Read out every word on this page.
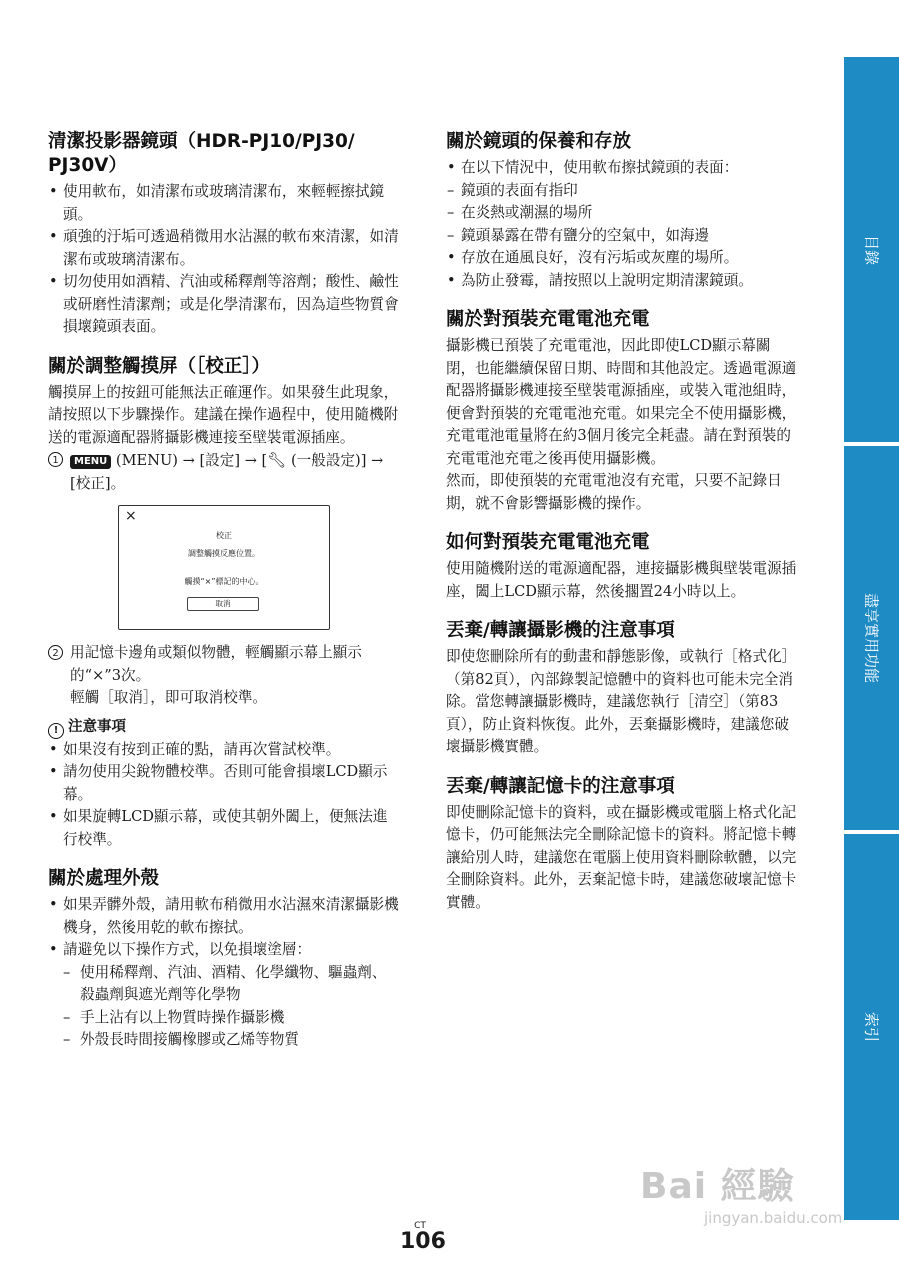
清潔投影器鏡頭（HDR-PJ10/PJ30/ PJ30V）
• 使用軟布，如清潔布或玻璃清潔布，來輕輕擦拭鏡頭。
• 頑強的汙垢可透過稍微用水沾濕的軟布來清潔，如清潔布或玻璃清潔布。
• 切勿使用如酒精、汽油或稀釋劑等溶劑；酸性、鹼性或研磨性清潔劑；或是化學清潔布，因為這些物質會損壞鏡頭表面。
關於調整觸摸屏（［校正］）

觸摸屏上的按鈕可能無法正確運作。如果發生此現象，請按照以下步驟操作。建議在操作過程中，使用隨機附送的電源適配器將攝影機連接至壁裝電源插座。

1	MENU (MENU) → [設定] → [🔧︎ (一般設定)] → [校正]。
×
校正
調整觸摸反應位置。
觸摸“×”標記的中心。
取消
2 用記憶卡邊角或類似物體，輕觸顯示幕上顯示的“×”3次。

輕觸［取消］，即可取消校準。

! 注意事項
• 如果沒有按到正確的點，請再次嘗試校準。
• 請勿使用尖銳物體校準。否則可能會損壞LCD顯示幕。
• 如果旋轉LCD顯示幕，或使其朝外闔上，便無法進行校準。
關於處理外殼
• 如果弄髒外殼，請用軟布稍微用水沾濕來清潔攝影機機身，然後用乾的軟布擦拭。
• 請避免以下操作方式，以免損壞塗層：
– 使用稀釋劑、汽油、酒精、化學纖物、驅蟲劑、殺蟲劑與遮光劑等化學物
– 手上沾有以上物質時操作攝影機
– 外殼長時間接觸橡膠或乙烯等物質
關於鏡頭的保養和存放
• 在以下情況中，使用軟布擦拭鏡頭的表面：
– 鏡頭的表面有指印
– 在炎熱或潮濕的場所
– 鏡頭暴露在帶有鹽分的空氣中，如海邊
• 存放在通風良好，沒有污垢或灰塵的場所。
• 為防止發霉，請按照以上說明定期清潔鏡頭。
關於對預裝充電電池充電

攝影機已預裝了充電電池，因此即使LCD顯示幕關閉，也能繼續保留日期、時間和其他設定。透過電源適配器將攝影機連接至壁裝電源插座，或裝入電池組時，便會對預裝的充電電池充電。如果完全不使用攝影機，充電電池電量將在約3個月後完全耗盡。請在對預裝的充電電池充電之後再使用攝影機。

然而，即使預裝的充電電池沒有充電，只要不記錄日期，就不會影響攝影機的操作。

如何對預裝充電電池充電

使用隨機附送的電源適配器，連接攝影機與壁裝電源插座，闔上LCD顯示幕，然後擱置24小時以上。

丟棄/轉讓攝影機的注意事項

即使您刪除所有的動畫和靜態影像，或執行［格式化］（第82頁），內部錄製記憶體中的資料也可能未完全消除。當您轉讓攝影機時，建議您執行［清空］（第83頁），防止資料恢復。此外，丟棄攝影機時，建議您破壞攝影機實體。

丟棄/轉讓記憶卡的注意事項

即使刪除記憶卡的資料，或在攝影機或電腦上格式化記憶卡，仍可能無法完全刪除記憶卡的資料。將記憶卡轉讓給別人時，建議您在電腦上使用資料刪除軟體，以完全刪除資料。此外，丟棄記憶卡時，建議您破壞記憶卡實體。

目錄
盡享實用功能
索引
CT
106
Bai 經驗
jingyan.baidu.com
